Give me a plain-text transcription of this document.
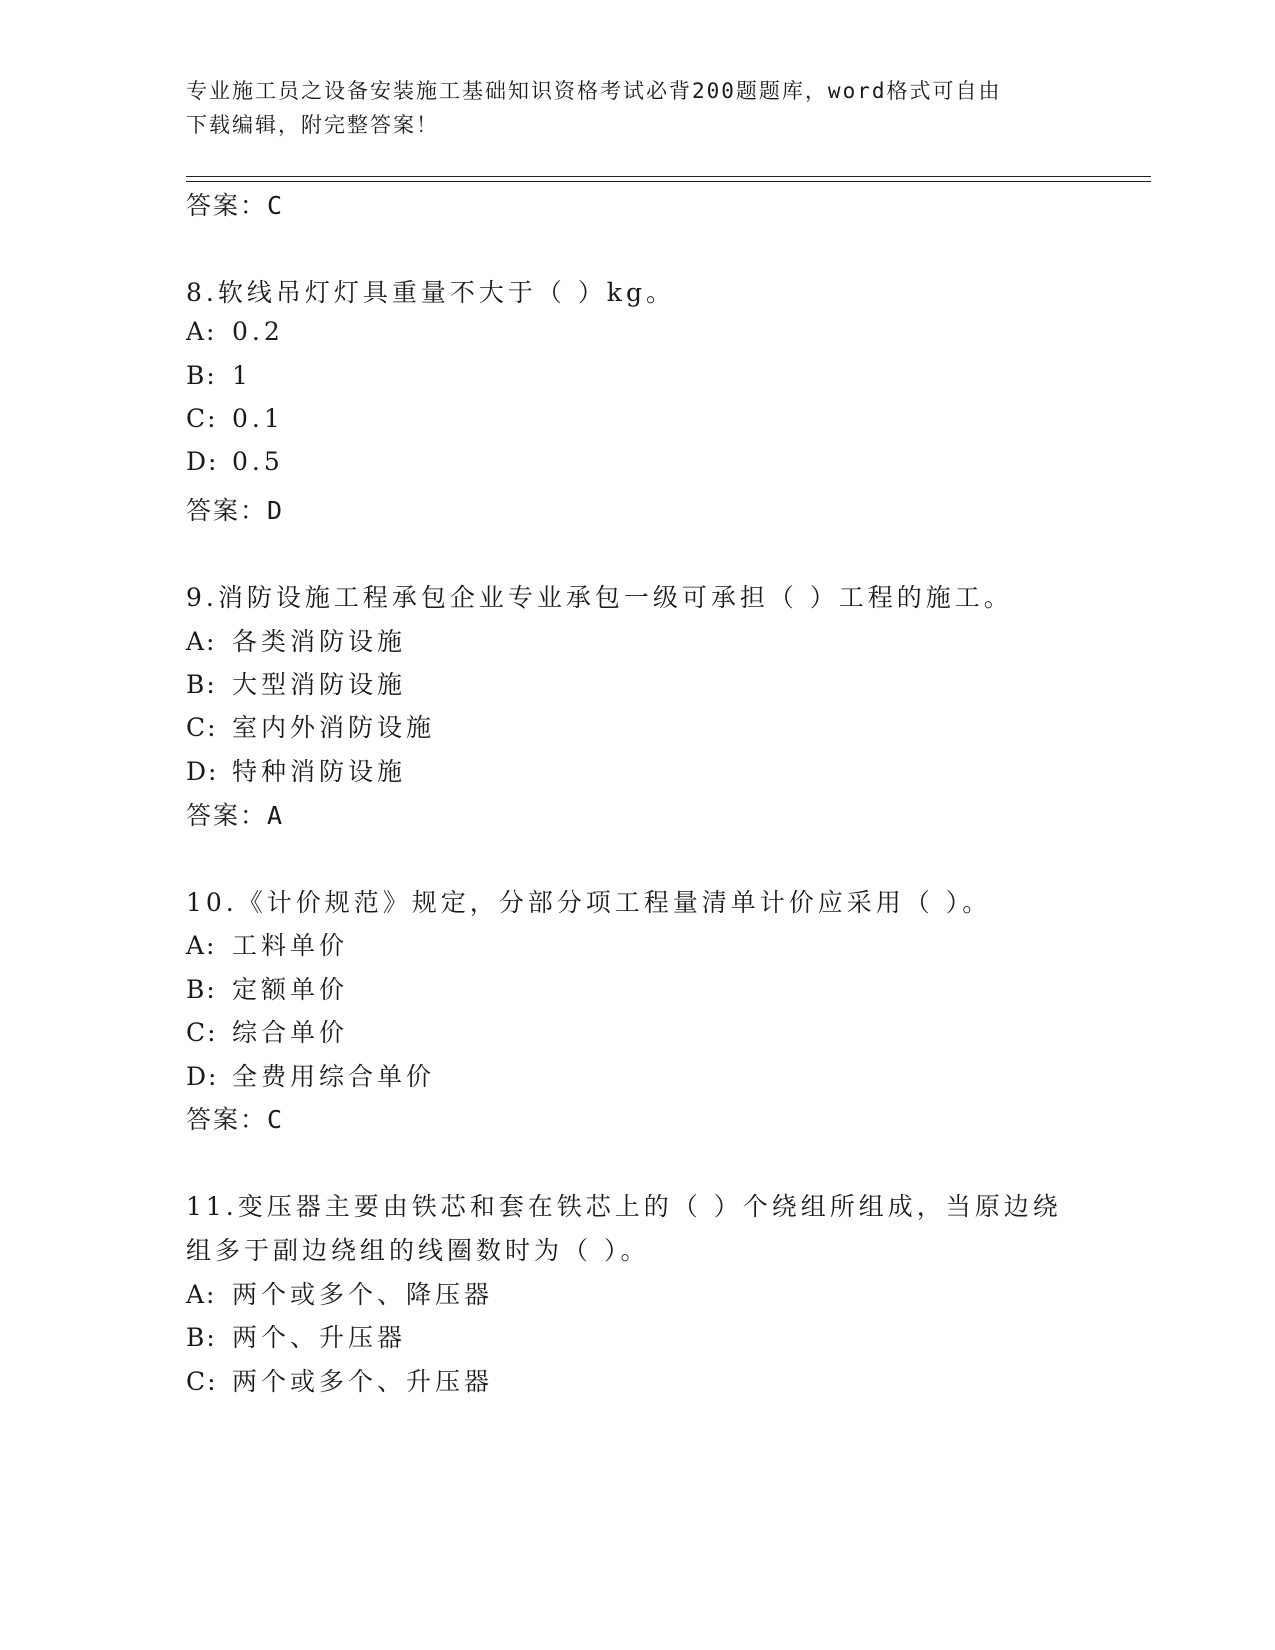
专业施工员之设备安装施工基础知识资格考试必背200题题库，word格式可自由
下载编辑，附完整答案！
答案：C
8.软线吊灯灯具重量不大于（ ）kg。
A: 0.2
B: 1
C: 0.1
D: 0.5
答案：D
9.消防设施工程承包企业专业承包一级可承担（ ）工程的施工。
A: 各类消防设施
B: 大型消防设施
C: 室内外消防设施
D: 特种消防设施
答案：A
10.《计价规范》规定，分部分项工程量清单计价应采用（ ）。
A: 工料单价
B: 定额单价
C: 综合单价
D: 全费用综合单价
答案：C
11.变压器主要由铁芯和套在铁芯上的（ ）个绕组所组成，当原边绕
组多于副边绕组的线圈数时为（ ）。
A: 两个或多个、降压器
B: 两个、升压器
C: 两个或多个、升压器
